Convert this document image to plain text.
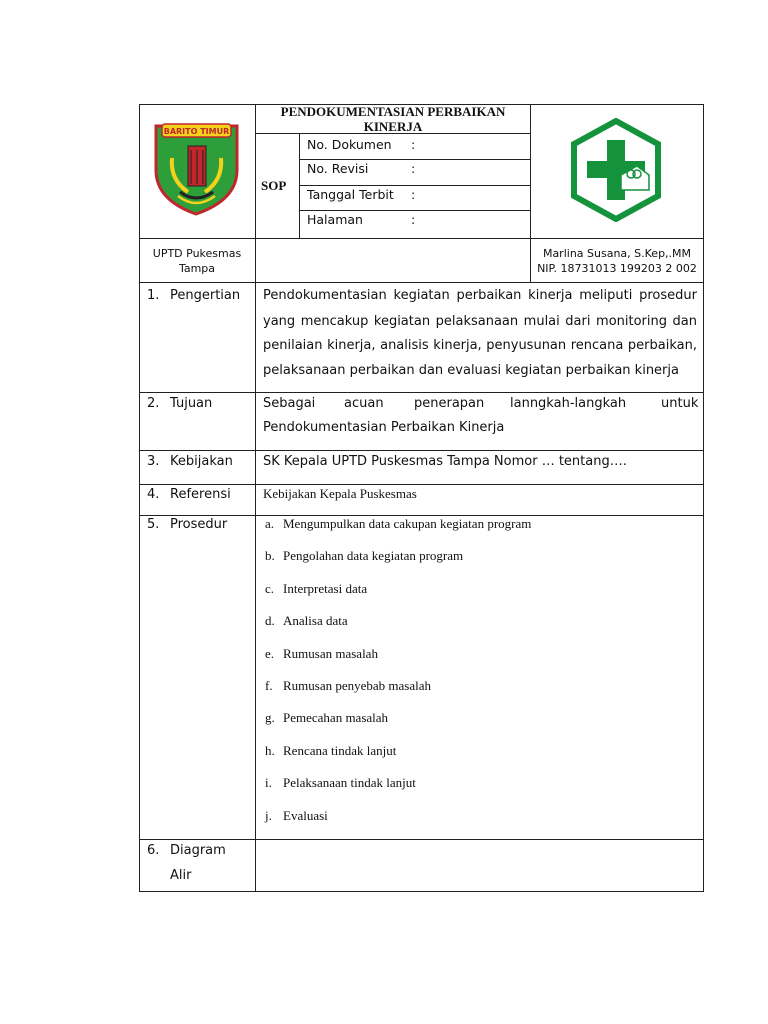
BARITO TIMUR
PENDOKUMENTASIAN PERBAIKAN
KINERJA
SOP
No. Dokumen :
No. Revisi	:
Tanggal Terbit :
Halaman	:
UPTD Pukesmas
Tampa
Marlina Susana, S.Kep,.MM
NIP. 18731013 199203 2 002
1. Pengertian Pendokumentasian kegiatan perbaikan kinerja meliputi prosedur
yang mencakup kegiatan pelaksanaan mulai dari monitoring dan
penilaian kinerja, analisis kinerja, penyusunan rencana perbaikan,
pelaksanaan perbaikan dan evaluasi kegiatan perbaikan kinerja
2. Tujuan	Sebagai acuan penerapan lanngkah-langkah	untuk
Pendokumentasian Perbaikan Kinerja
3. Kebijakan SK Kepala UPTD Puskesmas Tampa Nomor … tentang….
4. Referensi Kebijakan Kepala Puskesmas
5. Prosedur	a. Mengumpulkan data cakupan kegiatan program
b. Pengolahan data kegiatan program
c. Interpretasi data
d. Analisa data
e. Rumusan masalah
f. Rumusan penyebab masalah
g. Pemecahan masalah
h. Rencana tindak lanjut
i. Pelaksanaan tindak lanjut
j. Evaluasi
6. Diagram
Alir
